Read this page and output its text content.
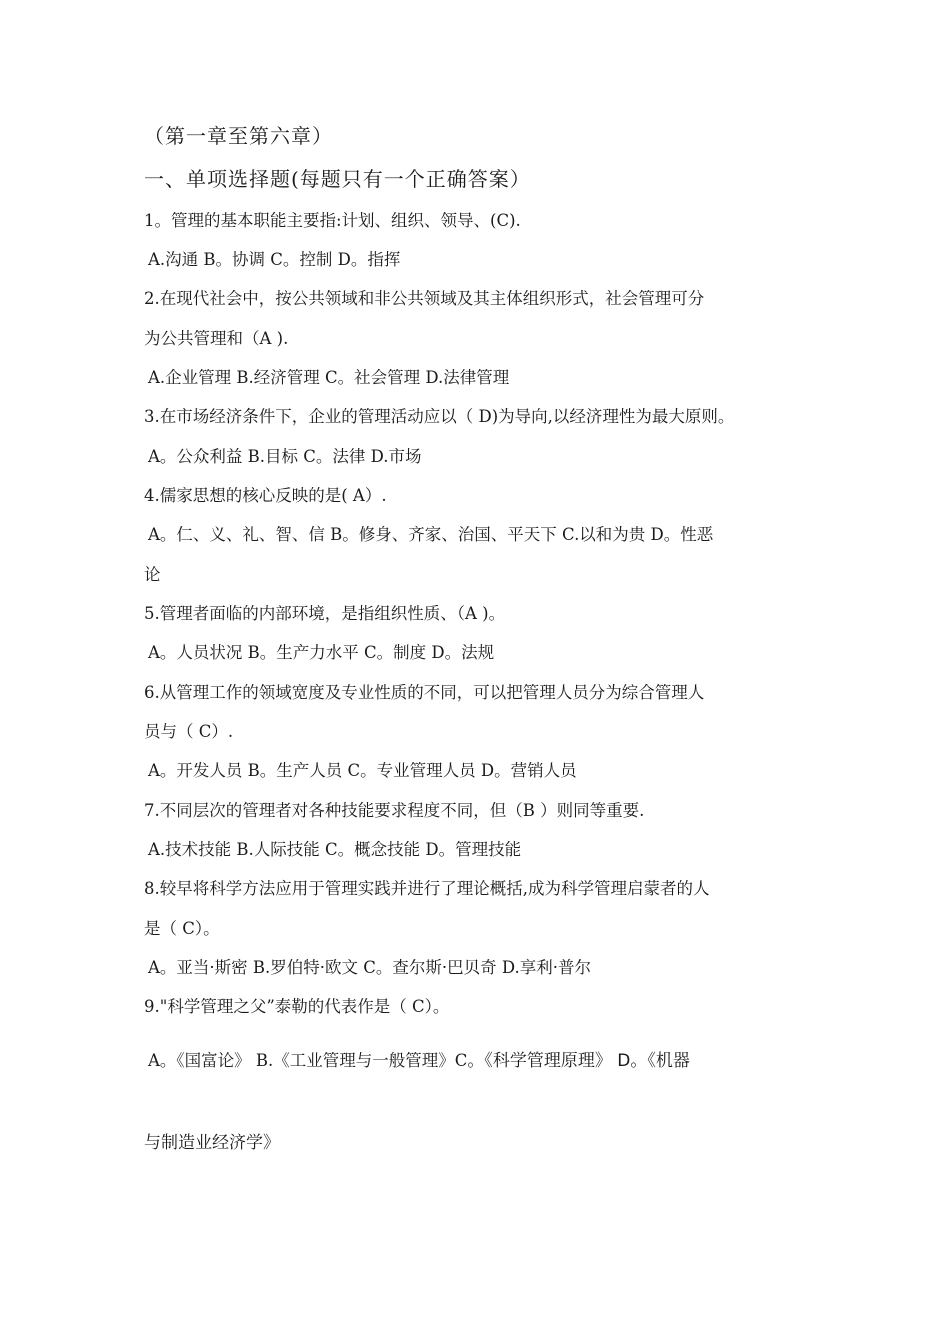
（第一章至第六章）
一、单项选择题(每题只有一个正确答案）
1。管理的基本职能主要指:计划、组织、领导、(C).
A.沟通 B。协调 C。控制 D。指挥
2.在现代社会中，按公共领域和非公共领域及其主体组织形式，社会管理可分
为公共管理和（A ).
A.企业管理 B.经济管理 C。社会管理 D.法律管理
3.在市场经济条件下，企业的管理活动应以（ D)为导向,以经济理性为最大原则。
A。公众利益 B.目标 C。法律 D.市场
4.儒家思想的核心反映的是( A）.
A。仁、义、礼、智、信 B。修身、齐家、治国、平天下 C.以和为贵 D。性恶
论
5.管理者面临的内部环境，是指组织性质、（A )。
A。人员状况 B。生产力水平 C。制度 D。法规
6.从管理工作的领域宽度及专业性质的不同，可以把管理人员分为综合管理人
员与（ C）.
A。开发人员 B。生产人员 C。专业管理人员 D。营销人员
7.不同层次的管理者对各种技能要求程度不同，但（B ）则同等重要.
A.技术技能 B.人际技能 C。概念技能 D。管理技能
8.较早将科学方法应用于管理实践并进行了理论概括,成为科学管理启蒙者的人
是（ C）。
A。亚当·斯密 B.罗伯特·欧文 C。查尔斯·巴贝奇 D.享利·普尔
9."科学管理之父”泰勒的代表作是（ C）。
A。《国富论》 B.《工业管理与一般管理》C。《科学管理原理》 D。《机器
与制造业经济学》
